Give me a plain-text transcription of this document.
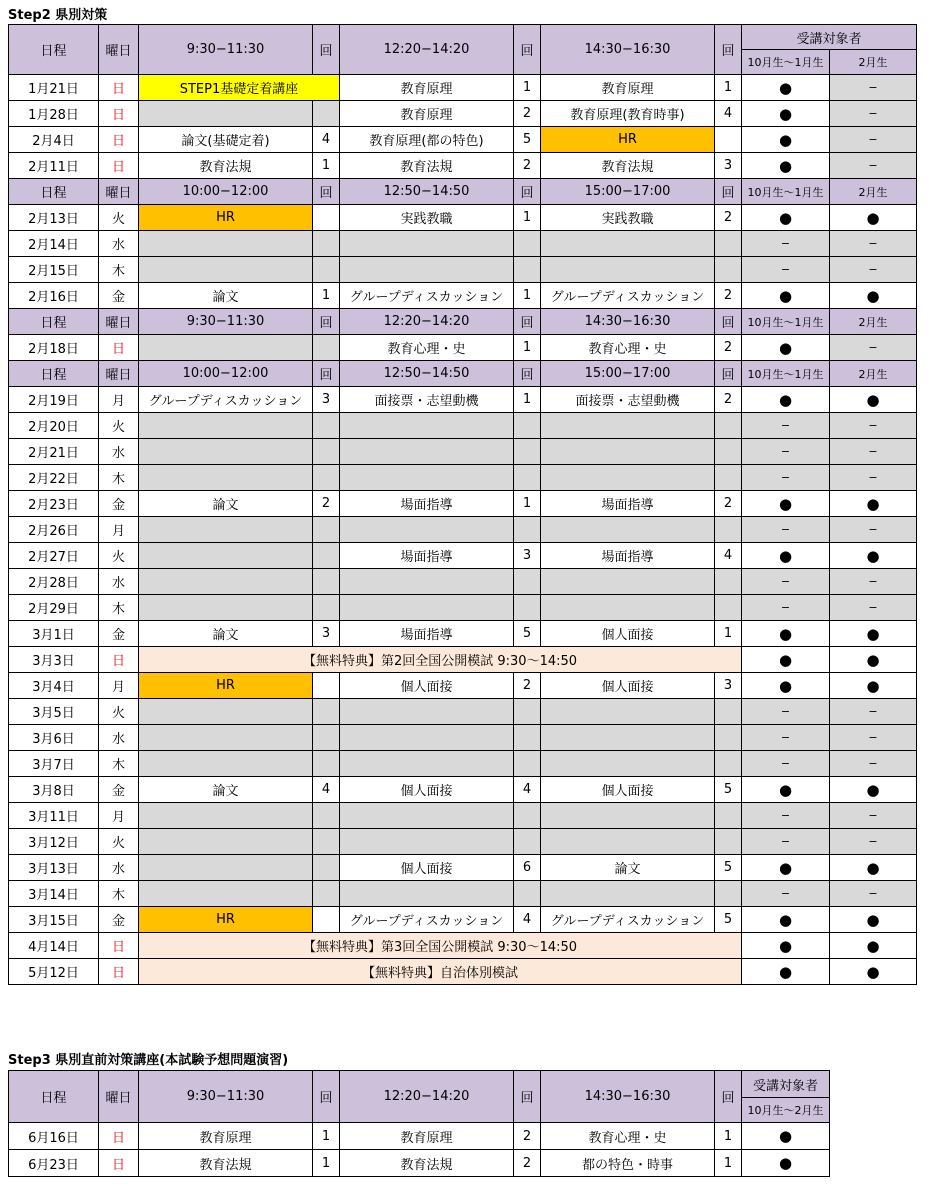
Step2 県別対策
日程	曜日	9:30−11:30	回	12:20−14:20	回	14:30−16:30	回	受講対象者	
								10月生〜1月生	2月生
1月21日	日	STEP1基礎定着講座		教育原理	1	教育原理	1	●	−
1月28日	日			教育原理	2	教育原理(教育時事)	4	●	−
2月4日	日	論文(基礎定着)	4	教育原理(都の特色)	5	HR		●	−
2月11日	日	教育法規	1	教育法規	2	教育法規	3	●	−
日程	曜日	10:00−12:00	回	12:50−14:50	回	15:00−17:00	回	10月生〜1月生	2月生
2月13日	火	HR		実践教職	1	実践教職	2	●	●
2月14日	水							−	−
2月15日	木							−	−
2月16日	金	論文	1	グループディスカッション	1	グループディスカッション	2	●	●
日程	曜日	9:30−11:30	回	12:20−14:20	回	14:30−16:30	回	10月生〜1月生	2月生
2月18日	日			教育心理・史	1	教育心理・史	2	●	−
日程	曜日	10:00−12:00	回	12:50−14:50	回	15:00−17:00	回	10月生〜1月生	2月生
2月19日	月	グループディスカッション	3	面接票・志望動機	1	面接票・志望動機	2	●	●
2月20日	火							−	−
2月21日	水							−	−
2月22日	木							−	−
2月23日	金	論文	2	場面指導	1	場面指導	2	●	●
2月26日	月							−	−
2月27日	火			場面指導	3	場面指導	4	●	●
2月28日	水							−	−
2月29日	木							−	−
3月1日	金	論文	3	場面指導	5	個人面接	1	●	●
3月3日	日	【無料特典】第2回全国公開模試 9:30〜14:50						●	●
3月4日	月	HR		個人面接	2	個人面接	3	●	●
3月5日	火							−	−
3月6日	水							−	−
3月7日	木							−	−
3月8日	金	論文	4	個人面接	4	個人面接	5	●	●
3月11日	月							−	−
3月12日	火							−	−
3月13日	水			個人面接	6	論文	5	●	●
3月14日	木							−	−
3月15日	金	HR		グループディスカッション	4	グループディスカッション	5	●	●
4月14日	日	【無料特典】第3回全国公開模試 9:30〜14:50						●	●
5月12日	日	【無料特典】自治体別模試						●	●
Step3 県別直前対策講座(本試験予想問題演習)
日程	曜日	9:30−11:30	回	12:20−14:20	回	14:30−16:30	回	受講対象者
								10月生〜2月生
6月16日	日	教育原理	1	教育原理	2	教育心理・史	1	●
6月23日	日	教育法規	1	教育法規	2	都の特色・時事	1	●
